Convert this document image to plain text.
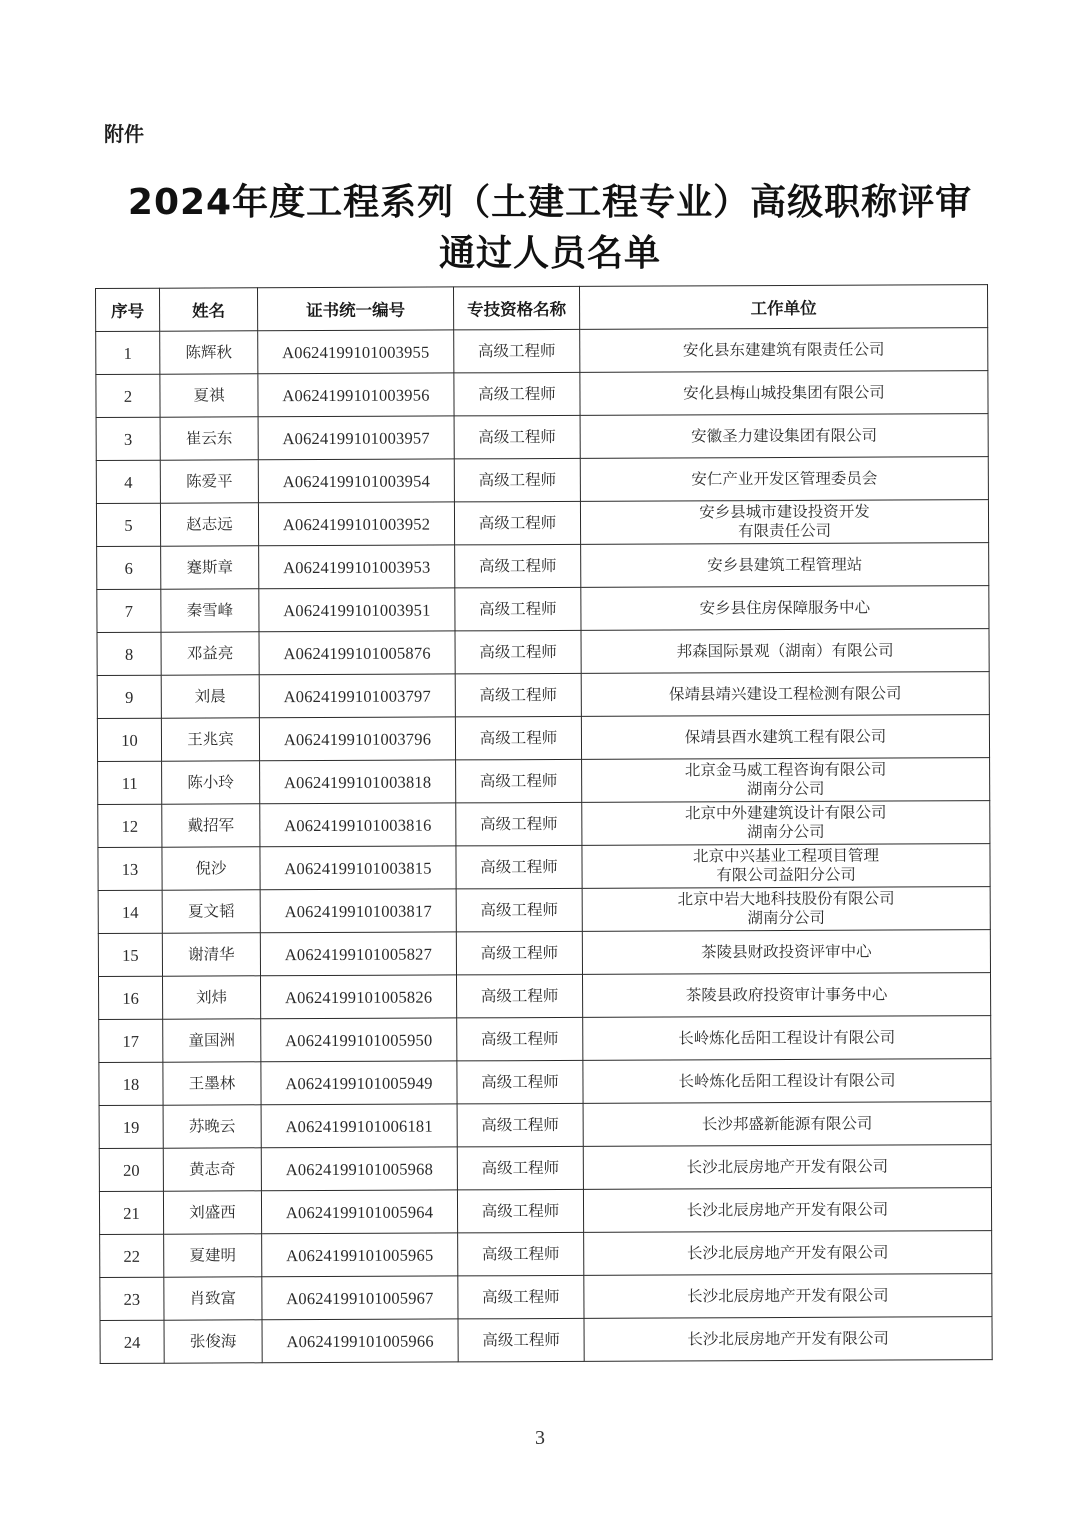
附件
2024年度工程系列（土建工程专业）高级职称评审
通过人员名单
序号	姓名	证书统一编号	专技资格名称	工作单位
1	陈辉秋	A0624199101003955	高级工程师	安化县东建建筑有限责任公司
2	夏祺	A0624199101003956	高级工程师	安化县梅山城投集团有限公司
3	崔云东	A0624199101003957	高级工程师	安徽圣力建设集团有限公司
4	陈爱平	A0624199101003954	高级工程师	安仁产业开发区管理委员会
5	赵志远	A0624199101003952	高级工程师	安乡县城市建设投资开发
有限责任公司
6	蹇斯章	A0624199101003953	高级工程师	安乡县建筑工程管理站
7	秦雪峰	A0624199101003951	高级工程师	安乡县住房保障服务中心
8	邓益亮	A0624199101005876	高级工程师	邦森国际景观（湖南）有限公司
9	刘晨	A0624199101003797	高级工程师	保靖县靖兴建设工程检测有限公司
10	王兆宾	A0624199101003796	高级工程师	保靖县酉水建筑工程有限公司
11	陈小玲	A0624199101003818	高级工程师	北京金马威工程咨询有限公司
湖南分公司
12	戴招军	A0624199101003816	高级工程师	北京中外建建筑设计有限公司
湖南分公司
13	倪沙	A0624199101003815	高级工程师	北京中兴基业工程项目管理
有限公司益阳分公司
14	夏文韬	A0624199101003817	高级工程师	北京中岩大地科技股份有限公司
湖南分公司
15	谢清华	A0624199101005827	高级工程师	茶陵县财政投资评审中心
16	刘炜	A0624199101005826	高级工程师	茶陵县政府投资审计事务中心
17	童国洲	A0624199101005950	高级工程师	长岭炼化岳阳工程设计有限公司
18	王墨林	A0624199101005949	高级工程师	长岭炼化岳阳工程设计有限公司
19	苏晚云	A0624199101006181	高级工程师	长沙邦盛新能源有限公司
20	黄志奇	A0624199101005968	高级工程师	长沙北辰房地产开发有限公司
21	刘盛西	A0624199101005964	高级工程师	长沙北辰房地产开发有限公司
22	夏建明	A0624199101005965	高级工程师	长沙北辰房地产开发有限公司
23	肖致富	A0624199101005967	高级工程师	长沙北辰房地产开发有限公司
24	张俊海	A0624199101005966	高级工程师	长沙北辰房地产开发有限公司
3
